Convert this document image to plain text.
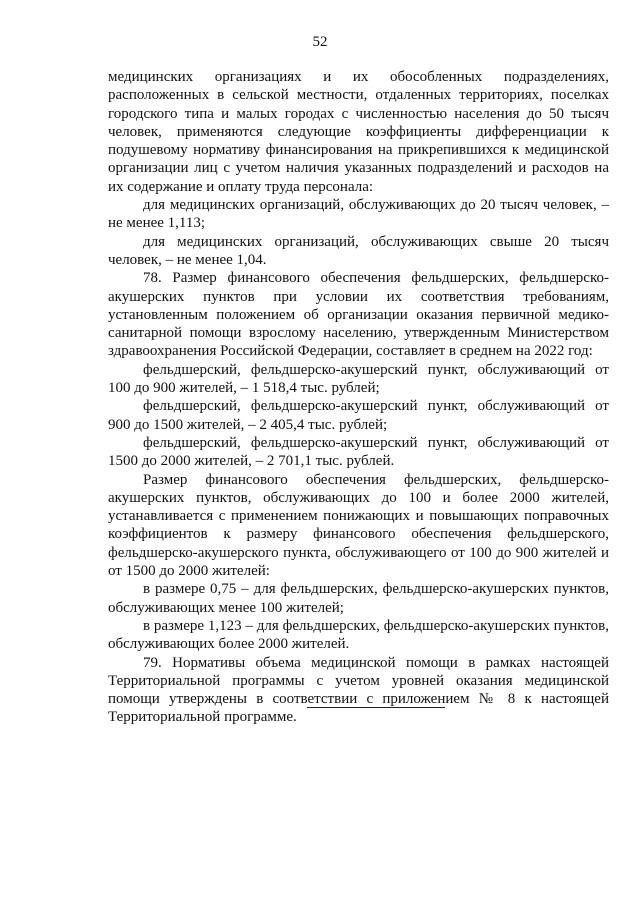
52

медицинских организациях и их обособленных подразделениях, расположенных в сельской местности, отдаленных территориях, поселках городского типа и малых городах с численностью населения до 50 тысяч человек, применяются следующие коэффициенты дифференциации к подушевому нормативу финансирования на прикрепившихся к медицинской организации лиц с учетом наличия указанных подразделений и расходов на их содержание и оплату труда персонала:

для медицинских организаций, обслуживающих до 20 тысяч человек, – не менее 1,113;

для медицинских организаций, обслуживающих свыше 20 тысяч человек, – не менее 1,04.

78. Размер финансового обеспечения фельдшерских, фельдшерско-акушерских пунктов при условии их соответствия требованиям, установленным положением об организации оказания первичной медико-санитарной помощи взрослому населению, утвержденным Министерством здравоохранения Российской Федерации, составляет в среднем на 2022 год:

фельдшерский, фельдшерско-акушерский пункт, обслуживающий от 100 до 900 жителей, – 1 518,4 тыс. рублей;

фельдшерский, фельдшерско-акушерский пункт, обслуживающий от 900 до 1500 жителей, – 2 405,4 тыс. рублей;

фельдшерский, фельдшерско-акушерский пункт, обслуживающий от 1500 до 2000 жителей, – 2 701,1 тыс. рублей.

Размер финансового обеспечения фельдшерских, фельдшерско-акушерских пунктов, обслуживающих до 100 и более 2000 жителей, устанавливается с применением понижающих и повышающих поправочных коэффициентов к размеру финансового обеспечения фельдшерского, фельдшерско-акушерского пункта, обслуживающего от 100 до 900 жителей и от 1500 до 2000 жителей:

в размере 0,75 – для фельдшерских, фельдшерско-акушерских пунктов, обслуживающих менее 100 жителей;

в размере 1,123 – для фельдшерских, фельдшерско-акушерских пунктов, обслуживающих более 2000 жителей.

79. Нормативы объема медицинской помощи в рамках настоящей Территориальной программы с учетом уровней оказания медицинской помощи утверждены в соответствии с приложением № 8 к настоящей Территориальной программе.
